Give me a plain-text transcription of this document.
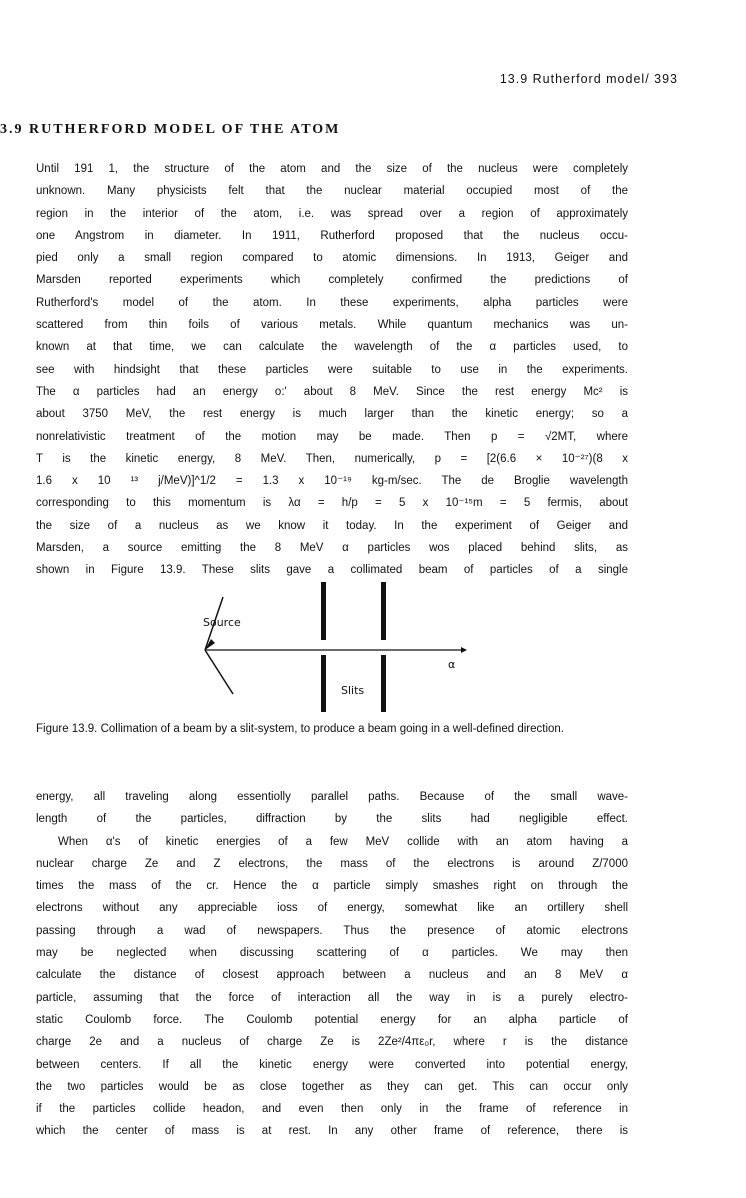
13.9 Rutherford model/ 393
3.9 RUTHERFORD MODEL OF THE ATOM
Until 191 1, the structure of the atom and the size of the nucleus were completely
unknown. Many physicists felt that the nuclear material occupied most of the
region in the interior of the atom, i.e. was spread over a region of approximately
one Angstrom in diameter. In 1911, Rutherford proposed that the nucleus occu-
pied only a small region compared to atomic dimensions. In 1913, Geiger and
Marsden reported experiments which completely confirmed the predictions of
Rutherford's model of the atom. In these experiments, alpha particles were
scattered from thin foils of various metals. While quantum mechanics was un-
known at that time, we can calculate the wavelength of the α particles used, to
see with hindsight that these particles were suitable to use in the experiments.
The α particles had an energy o:' about 8 MeV. Since the rest energy Mc² is
about 3750 MeV, the rest energy is much larger than the kinetic energy; so a
nonrelativistic treatment of the motion may be made. Then p = √2MT, where
T is the kinetic energy, 8 MeV. Then, numerically, p = [2(6.6 × 10⁻²⁷)(8 x
1.6 x 10 ¹³ j/MeV)]^1/2 = 1.3 x 10⁻¹⁹ kg-m/sec. The de Broglie wavelength
corresponding to this momentum is λα = h/p = 5 x 10⁻¹⁵m = 5 fermis, about
the size of a nucleus as we know it today. In the experiment of Geiger and
Marsden, a source emitting the 8 MeV α particles wos placed behind slits, as
shown in Figure 13.9. These slits gave a collimated beam of particles of a single
Source
Slits
α
Figure 13.9. Collimation of a beam by a slit-system, to produce a beam going in a well-defined direction.
energy, all traveling along essentiolly parallel paths. Because of the small wave-
length of the particles, diffraction by the slits had negligible effect.
When α's of kinetic energies of a few MeV collide with an atom having a
nuclear charge Ze and Z electrons, the mass of the electrons is around Z/7000
times the mass of the cr. Hence the α particle simply smashes right on through the
electrons without any appreciable ioss of energy, somewhat like an ortillery shell
passing through a wad of newspapers. Thus the presence of atomic electrons
may be neglected when discussing scattering of α particles. We may then
calculate the distance of closest approach between a nucleus and an 8 MeV α
particle, assuming that the force of interaction all the way in is a purely electro-
static Coulomb force. The Coulomb potential energy for an alpha particle of
charge 2e and a nucleus of charge Ze is 2Ze²/4πε₀r, where r is the distance
between centers. If all the kinetic energy were converted into potential energy,
the two particles would be as close together as they can get. This can occur only
if the particles collide headon, and even then only in the frame of reference in
which the center of mass is at rest. In any other frame of reference, there is
